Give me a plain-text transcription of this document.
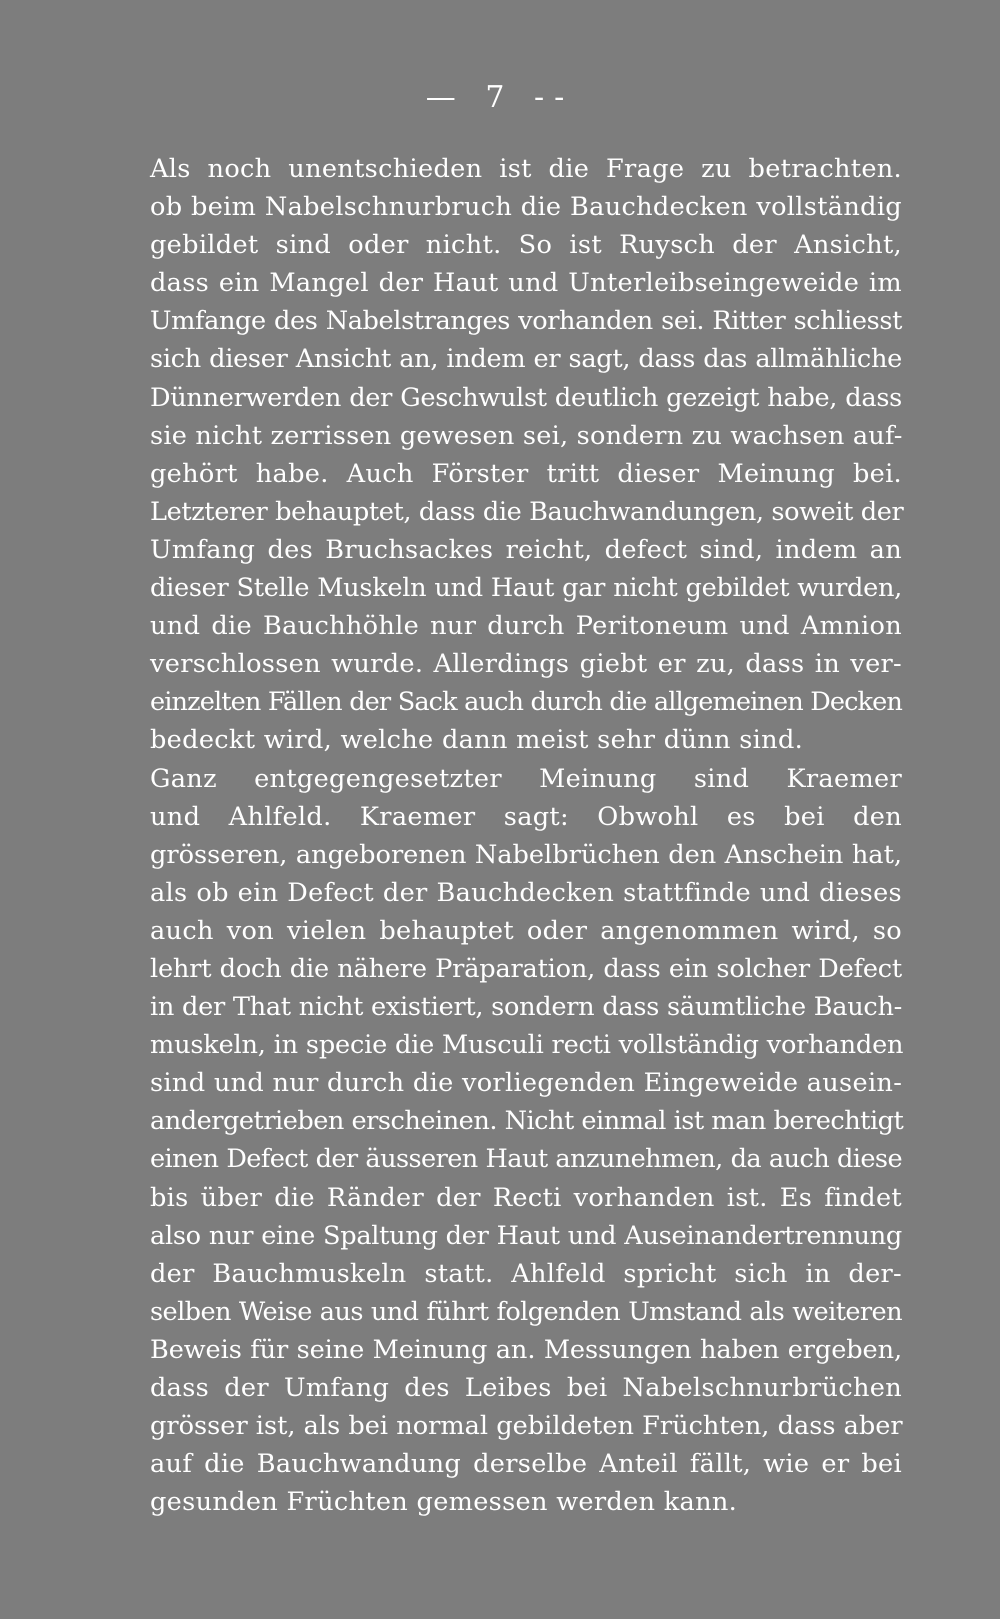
— 7 --

Als noch unentschieden ist die Frage zu betrachten.
ob beim Nabelschnurbruch die Bauchdecken vollständig
gebildet sind oder nicht. So ist Ruysch der Ansicht,
dass ein Mangel der Haut und Unterleibseingeweide im
Umfange des Nabelstranges vorhanden sei. Ritter schliesst
sich dieser Ansicht an, indem er sagt, dass das allmähliche
Dünnerwerden der Geschwulst deutlich gezeigt habe, dass
sie nicht zerrissen gewesen sei, sondern zu wachsen auf-
gehört habe. Auch Förster tritt dieser Meinung bei.
Letzterer behauptet, dass die Bauchwandungen, soweit der
Umfang des Bruchsackes reicht, defect sind, indem an
dieser Stelle Muskeln und Haut gar nicht gebildet wurden,
und die Bauchhöhle nur durch Peritoneum und Amnion
verschlossen wurde. Allerdings giebt er zu, dass in ver-
einzelten Fällen der Sack auch durch die allgemeinen Decken
bedeckt wird, welche dann meist sehr dünn sind.

Ganz entgegengesetzter Meinung sind Kraemer
und Ahlfeld. Kraemer sagt: Obwohl es bei den
grösseren, angeborenen Nabelbrüchen den Anschein hat,
als ob ein Defect der Bauchdecken stattfinde und dieses
auch von vielen behauptet oder angenommen wird, so
lehrt doch die nähere Präparation, dass ein solcher Defect
in der That nicht existiert, sondern dass säumtliche Bauch-
muskeln, in specie die Musculi recti vollständig vorhanden
sind und nur durch die vorliegenden Eingeweide ausein-
andergetrieben erscheinen. Nicht einmal ist man berechtigt
einen Defect der äusseren Haut anzunehmen, da auch diese
bis über die Ränder der Recti vorhanden ist. Es findet
also nur eine Spaltung der Haut und Auseinandertrennung
der Bauchmuskeln statt. Ahlfeld spricht sich in der-
selben Weise aus und führt folgenden Umstand als weiteren
Beweis für seine Meinung an. Messungen haben ergeben,
dass der Umfang des Leibes bei Nabelschnurbrüchen
grösser ist, als bei normal gebildeten Früchten, dass aber
auf die Bauchwandung derselbe Anteil fällt, wie er bei
gesunden Früchten gemessen werden kann.
